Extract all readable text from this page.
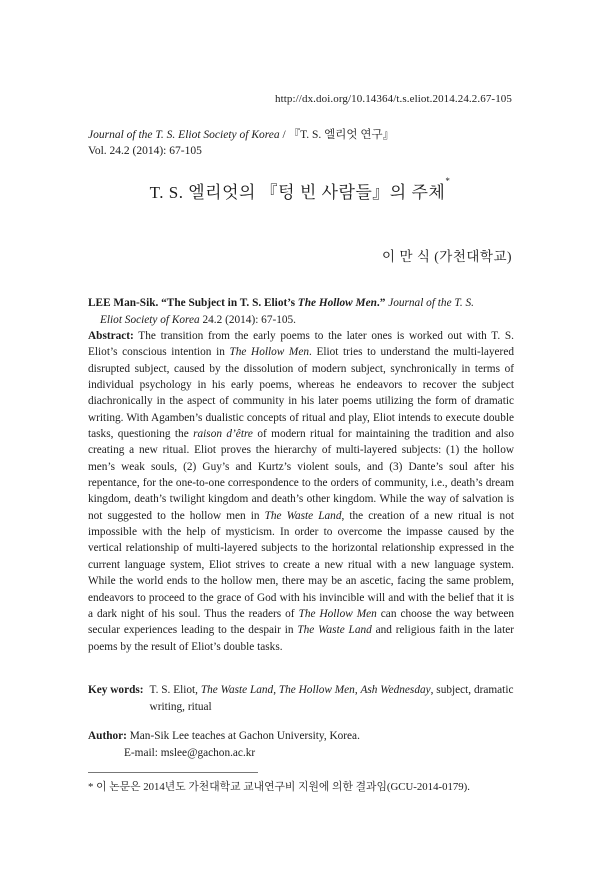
http://dx.doi.org/10.14364/t.s.eliot.2014.24.2.67-105
Journal of the T. S. Eliot Society of Korea / 『T. S. 엘리엇 연구』
Vol. 24.2 (2014): 67-105
T. S. 엘리엇의 『텅 빈 사람들』의 주체*
이 만 식 (가천대학교)
LEE Man-Sik. “The Subject in T. S. Eliot’s The Hollow Men.” Journal of the T. S.
Eliot Society of Korea 24.2 (2014): 67-105.
Abstract: The transition from the early poems to the later ones is worked out with T. S. Eliot’s conscious intention in The Hollow Men. Eliot tries to understand the multi-layered disrupted subject, caused by the dissolution of modern subject, synchronically in terms of individual psychology in his early poems, whereas he endeavors to recover the subject diachronically in the aspect of community in his later poems utilizing the form of dramatic writing. With Agamben’s dualistic concepts of ritual and play, Eliot intends to execute double tasks, questioning the raison d’être of modern ritual for maintaining the tradition and also creating a new ritual. Eliot proves the hierarchy of multi-layered subjects: (1) the hollow men’s weak souls, (2) Guy’s and Kurtz’s violent souls, and (3) Dante’s soul after his repentance, for the one-to-one correspondence to the orders of community, i.e., death’s dream kingdom, death’s twilight kingdom and death’s other kingdom. While the way of salvation is not suggested to the hollow men in The Waste Land, the creation of a new ritual is not impossible with the help of mysticism. In order to overcome the impasse caused by the vertical relationship of multi-layered subjects to the horizontal relationship expressed in the current language system, Eliot strives to create a new ritual with a new language system. While the world ends to the hollow men, there may be an ascetic, facing the same problem, endeavors to proceed to the grace of God with his invincible will and with the belief that it is a dark night of his soul. Thus the readers of The Hollow Men can choose the way between secular experiences leading to the despair in The Waste Land and religious faith in the later poems by the result of Eliot’s double tasks.
Key words: T. S. Eliot, The Waste Land, The Hollow Men, Ash Wednesday, subject, dramatic writing, ritual
Author: Man-Sik Lee teaches at Gachon University, Korea.
E-mail: mslee@gachon.ac.kr
* 이 논문은 2014년도 가천대학교 교내연구비 지원에 의한 결과임(GCU-2014-0179).
